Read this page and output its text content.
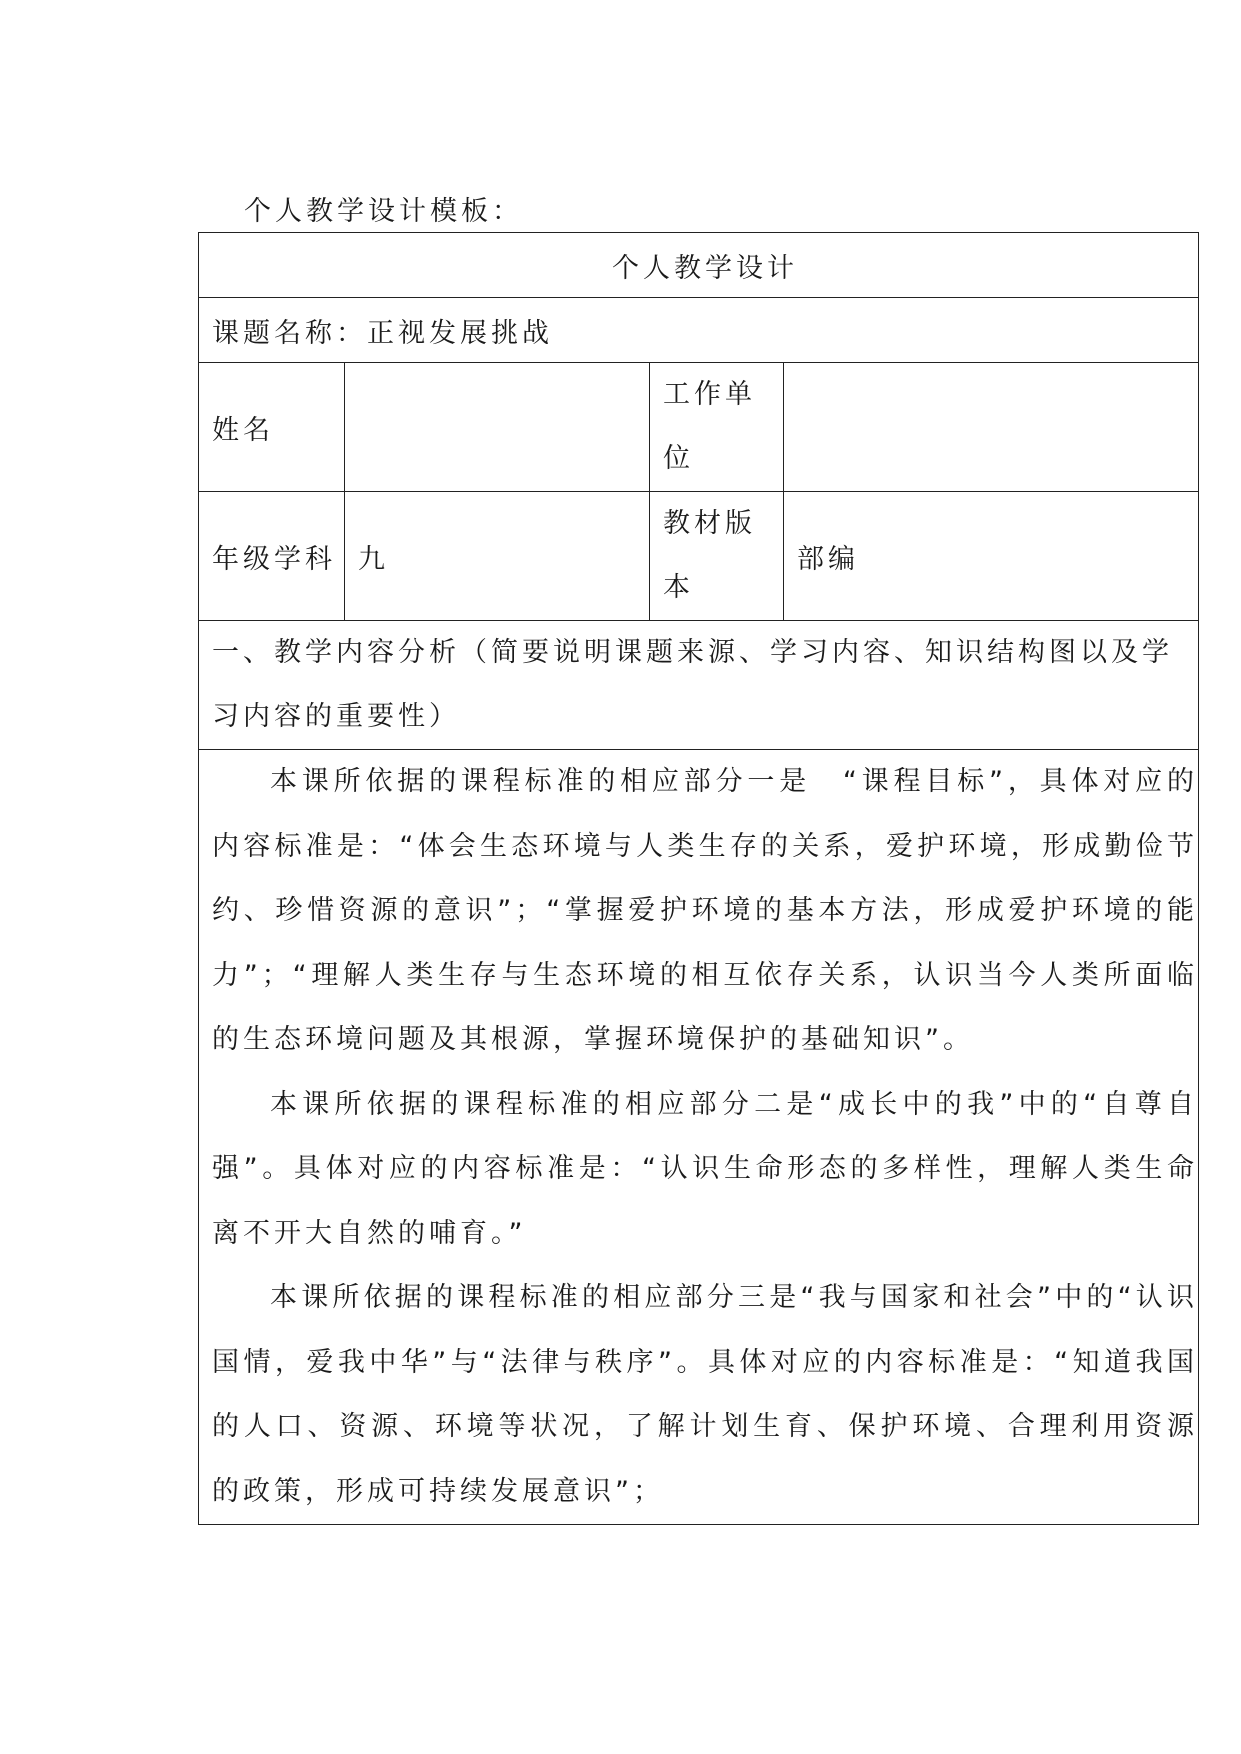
个人教学设计模板：
个人教学设计			
课题名称：正视发展挑战			
姓名		工作单位	
年级学科	九	教材版本	部编
一、教学内容分析（简要说明课题来源、学习内容、知识结构图以及学习内容的重要性）			

本课所依据的课程标准的相应部分一是　“课程目标”，具体对应的内容标准是：“体会生态环境与人类生存的关系，爱护环境，形成勤俭节约、珍惜资源的意识”；“掌握爱护环境的基本方法，形成爱护环境的能力”；“理解人类生存与生态环境的相互依存关系，认识当今人类所面临的生态环境问题及其根源，掌握环境保护的基础知识”。

本课所依据的课程标准的相应部分二是“成长中的我”中的“自尊自强”。具体对应的内容标准是：“认识生命形态的多样性，理解人类生命离不开大自然的哺育。”

本课所依据的课程标准的相应部分三是“我与国家和社会”中的“认识国情，爱我中华”与“法律与秩序”。具体对应的内容标准是：“知道我国的人口、资源、环境等状况，了解计划生育、保护环境、合理利用资源的政策，形成可持续发展意识”；			
